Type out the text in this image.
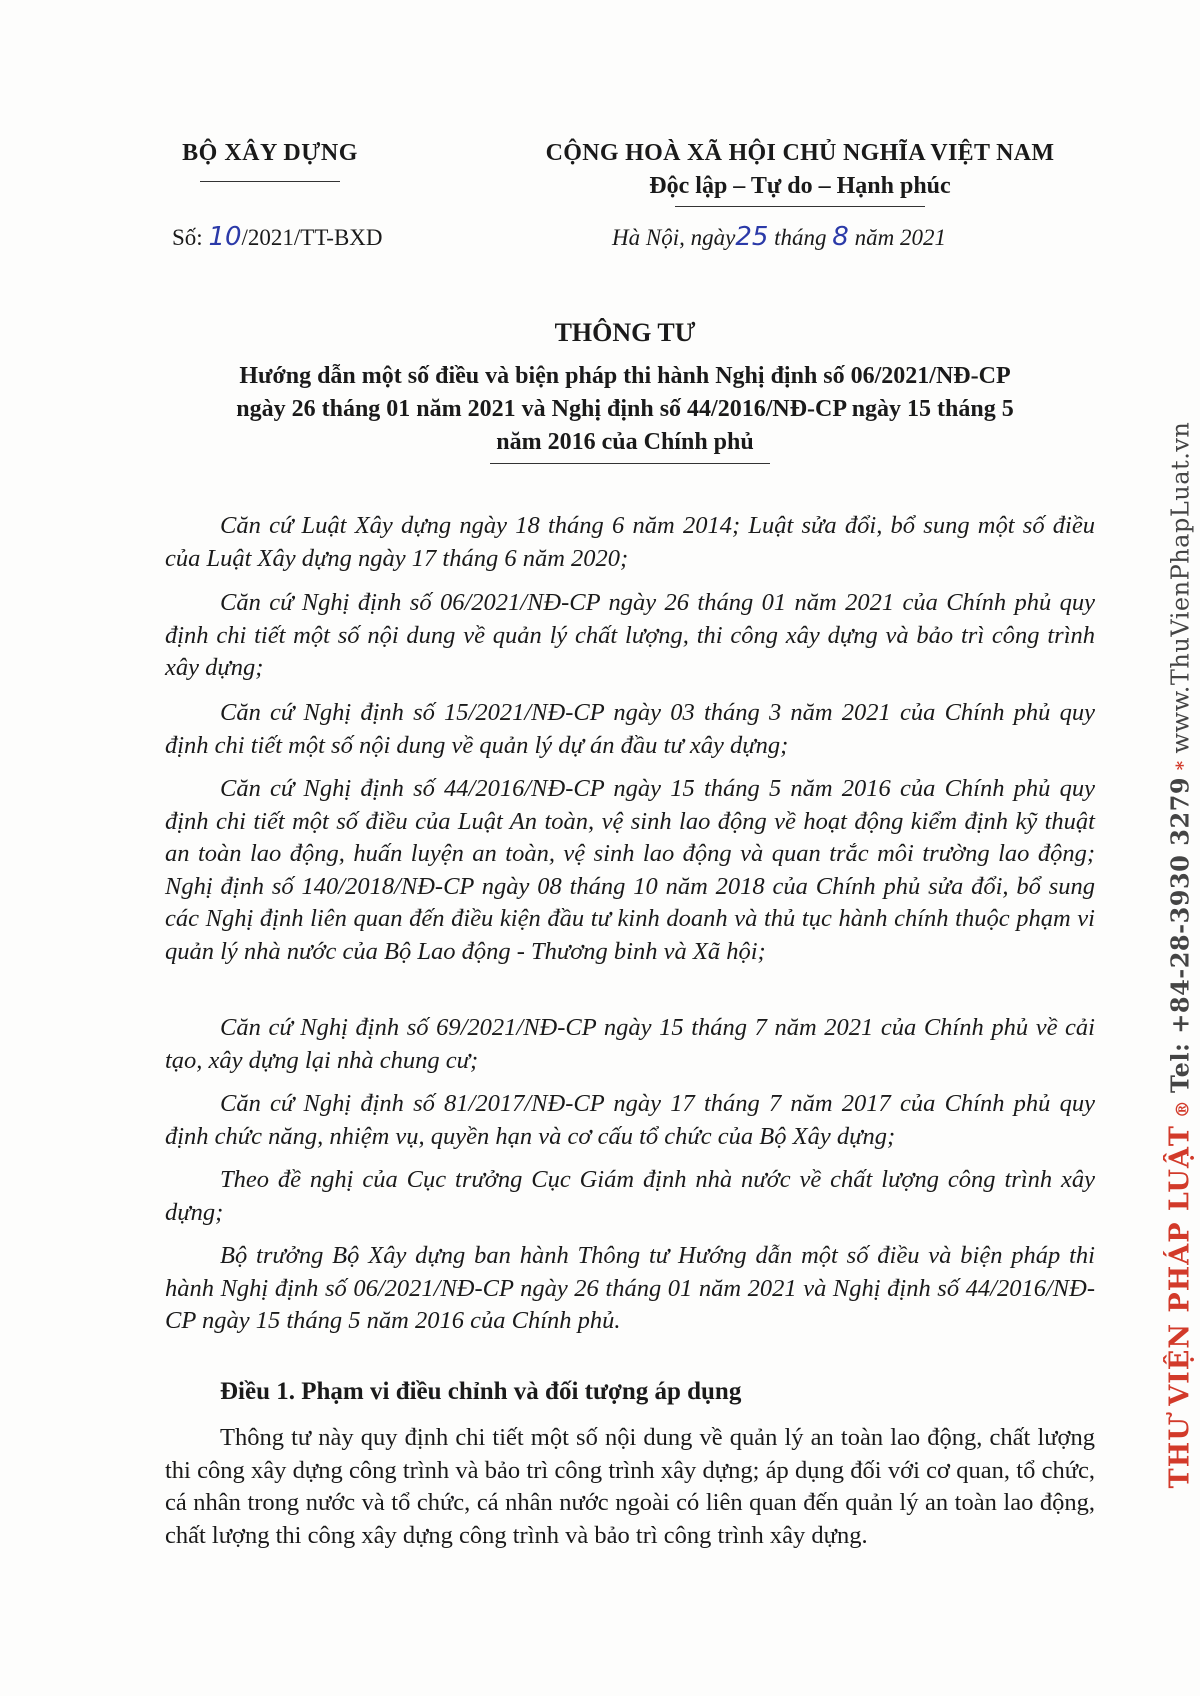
BỘ XÂY DỰNG
Số: 10/2021/TT-BXD
CỘNG HOÀ XÃ HỘI CHỦ NGHĨA VIỆT NAM
Độc lập – Tự do – Hạnh phúc
Hà Nội, ngày25 tháng 8 năm 2021
THÔNG TƯ
Hướng dẫn một số điều và biện pháp thi hành Nghị định số 06/2021/NĐ-CP
ngày 26 tháng 01 năm 2021 và Nghị định số 44/2016/NĐ-CP ngày 15 tháng 5
năm 2016 của Chính phủ
Căn cứ Luật Xây dựng ngày 18 tháng 6 năm 2014; Luật sửa đổi, bổ sung một số điều của Luật Xây dựng ngày 17 tháng 6 năm 2020;
Căn cứ Nghị định số 06/2021/NĐ-CP ngày 26 tháng 01 năm 2021 của Chính phủ quy định chi tiết một số nội dung về quản lý chất lượng, thi công xây dựng và bảo trì công trình xây dựng;
Căn cứ Nghị định số 15/2021/NĐ-CP ngày 03 tháng 3 năm 2021 của Chính phủ quy định chi tiết một số nội dung về quản lý dự án đầu tư xây dựng;
Căn cứ Nghị định số 44/2016/NĐ-CP ngày 15 tháng 5 năm 2016 của Chính phủ quy định chi tiết một số điều của Luật An toàn, vệ sinh lao động về hoạt động kiểm định kỹ thuật an toàn lao động, huấn luyện an toàn, vệ sinh lao động và quan trắc môi trường lao động; Nghị định số 140/2018/NĐ-CP ngày 08 tháng 10 năm 2018 của Chính phủ sửa đổi, bổ sung các Nghị định liên quan đến điều kiện đầu tư kinh doanh và thủ tục hành chính thuộc phạm vi quản lý nhà nước của Bộ Lao động - Thương binh và Xã hội;
Căn cứ Nghị định số 69/2021/NĐ-CP ngày 15 tháng 7 năm 2021 của Chính phủ về cải tạo, xây dựng lại nhà chung cư;
Căn cứ Nghị định số 81/2017/NĐ-CP ngày 17 tháng 7 năm 2017 của Chính phủ quy định chức năng, nhiệm vụ, quyền hạn và cơ cấu tổ chức của Bộ Xây dựng;
Theo đề nghị của Cục trưởng Cục Giám định nhà nước về chất lượng công trình xây dựng;
Bộ trưởng Bộ Xây dựng ban hành Thông tư Hướng dẫn một số điều và biện pháp thi hành Nghị định số 06/2021/NĐ-CP ngày 26 tháng 01 năm 2021 và Nghị định số 44/2016/NĐ-CP ngày 15 tháng 5 năm 2016 của Chính phủ.
Điều 1. Phạm vi điều chỉnh và đối tượng áp dụng
Thông tư này quy định chi tiết một số nội dung về quản lý an toàn lao động, chất lượng thi công xây dựng công trình và bảo trì công trình xây dựng; áp dụng đối với cơ quan, tổ chức, cá nhân trong nước và tổ chức, cá nhân nước ngoài có liên quan đến quản lý an toàn lao động, chất lượng thi công xây dựng công trình và bảo trì công trình xây dựng.
THƯ VIỆN PHÁP LUẬT ® Tel: +84-28-3930 3279 * www.ThuVienPhapLuat.vn
